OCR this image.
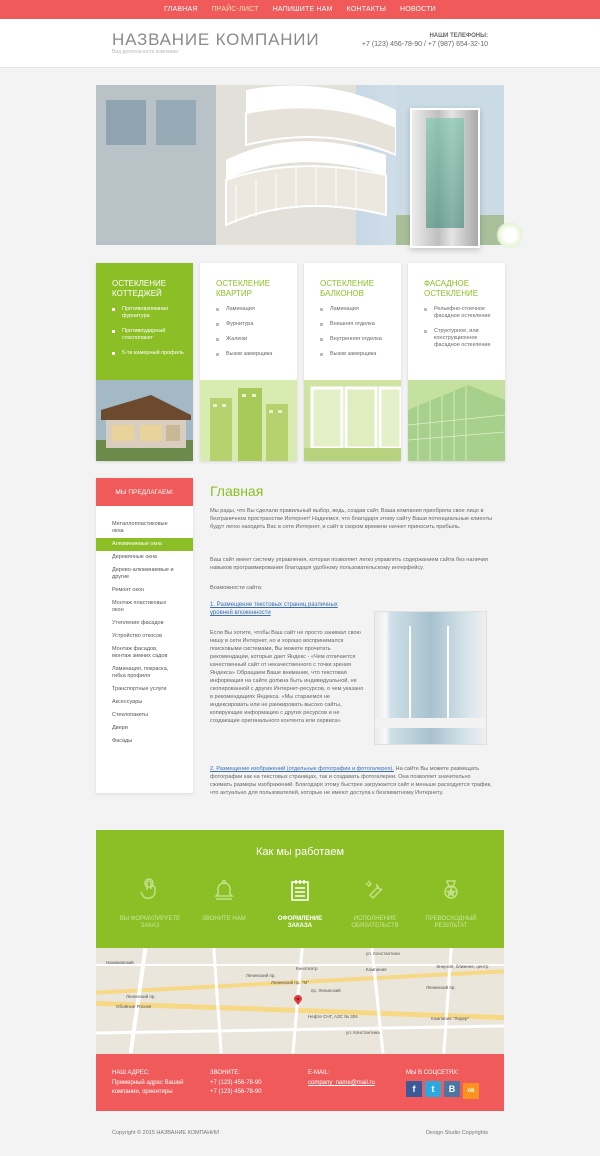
ГЛАВНАЯ ПРАЙС-ЛИСТ НАПИШИТЕ НАМ КОНТАКТЫ НОВОСТИ
НАЗВАНИЕ КОМПАНИИ
Вид деятельности компании
НАШИ ТЕЛЕФОНЫ:
+7 (123) 456-78-90 / +7 (987) 654-32-10
ОСТЕКЛЕНИЕ КОТТЕДЖЕЙ
Противовзломная фурнитура
Противоударный стеклопакет
5-ти камерный профиль
ОСТЕКЛЕНИЕ КВАРТИР
Ламинация
Фурнитура
Жалюзи
Вызов замерщика
ОСТЕКЛЕНИЕ БАЛКОНОВ
Ламинация
Внешняя отделка
Внутренняя отделка
Вызов замерщика
ФАСАДНОЕ ОСТЕКЛЕНИЕ
Рельефно-стоечное фасадное остекление
Структурное, или конструкционное фасадное остекление
МЫ ПРЕДЛАГАЕМ:
Металлопластиковые окна
Алюминиевые окна
Деревянные окна
Дерево-алюминиевые и другие
Ремонт окон
Монтаж пластиковых окон
Утепление фасадов
Устройство откосов
Монтаж фасадов, монтаж зимних садов
Ламинация, покраска, гибка профиля
Транспортные услуги
Аксессуары
Стеклопакеты
Двери
Фасады
Главная

Мы рады, что Вы сделали правильный выбор, ведь, создав сайт, Ваша компания приобрела свое лицо в безграничном пространстве Интернет! Надеемся, что благодаря этому сайту Ваши потенциальные клиенты будут легко находить Вас в сети Интернет, и сайт в скором времени начнет приносить прибыль.

Ваш сайт имеет систему управления, которая позволяет легко управлять содержанием сайта без наличия навыков программирования благодаря удобному пользовательскому интерфейсу.

Возможности сайта:

1. Размещение текстовых страниц различных уровней вложенности

Если Вы хотите, чтобы Ваш сайт не просто занимал свою нишу в сети Интернет, но и хорошо воспринимался поисковыми системами, Вы можете прочитать рекомендации, которые дает Яндекс - «Чем отличается качественный сайт от некачественного с точки зрения Яндекса» Обращаем Ваше внимание, что текстовая информация на сайте должна быть индивидуальной, не скопированной с других Интернет-ресурсов, о чем указано в рекомендациях Яндекса. «Мы стараемся не индексировать или не ранжировать высоко сайты, копирующие информацию с других ресурсов и не создающие оригинального контента или сервиса»

2. Размещение изображений (отдельные фотографии и фотогалерея). На сайте Вы можете размещать фотографии как на текстовых страницах, так и создавать фотогалереи. Она позволяет значительно сжимать размеры изображений. Благодаря этому быстрее загружается сайт и меньше расходуется трафик, что актуально для пользователей, которые не имеют доступа к безлимитному Интернету.

Как мы работаем
ВЫ ФОРМУЛИРУЕТЕ ЗАКАЗ
ЗВОНИТЕ НАМ	ОФОРМЛЕНИЕ ЗАКАЗА
ИСПОЛНЕНИЕ ОБЯЗАТЕЛЬСТВ
ПРЕВОСХОДНЫЙ РЕЗУЛЬТАТ
ул. Константина
Ленинский пр.
Ленинский пр.
Ленинский пр.
пр. Ленинский
Кинотеатр	Компания
ул. Константина
Ленинский пр. "М"
Нахимовский
Нефте СНГ, АЗС № 304
Обойные Россия
Энергия, ближнее, центр
Компания "Лидер"
НАШ АДРЕС:
Примерный адрес Вашей компании, ориентиры
ЗВОНИТЕ:
+7 (123) 456-78-90
+7 (123) 456-78-90
E-MAIL:
company_name@mail.ru
МЫ В СОЦСЕТЯХ:
f t B ok
Copyright © 2015 НАЗВАНИЕ КОМПАНИИ	Design Studio Copyrights
